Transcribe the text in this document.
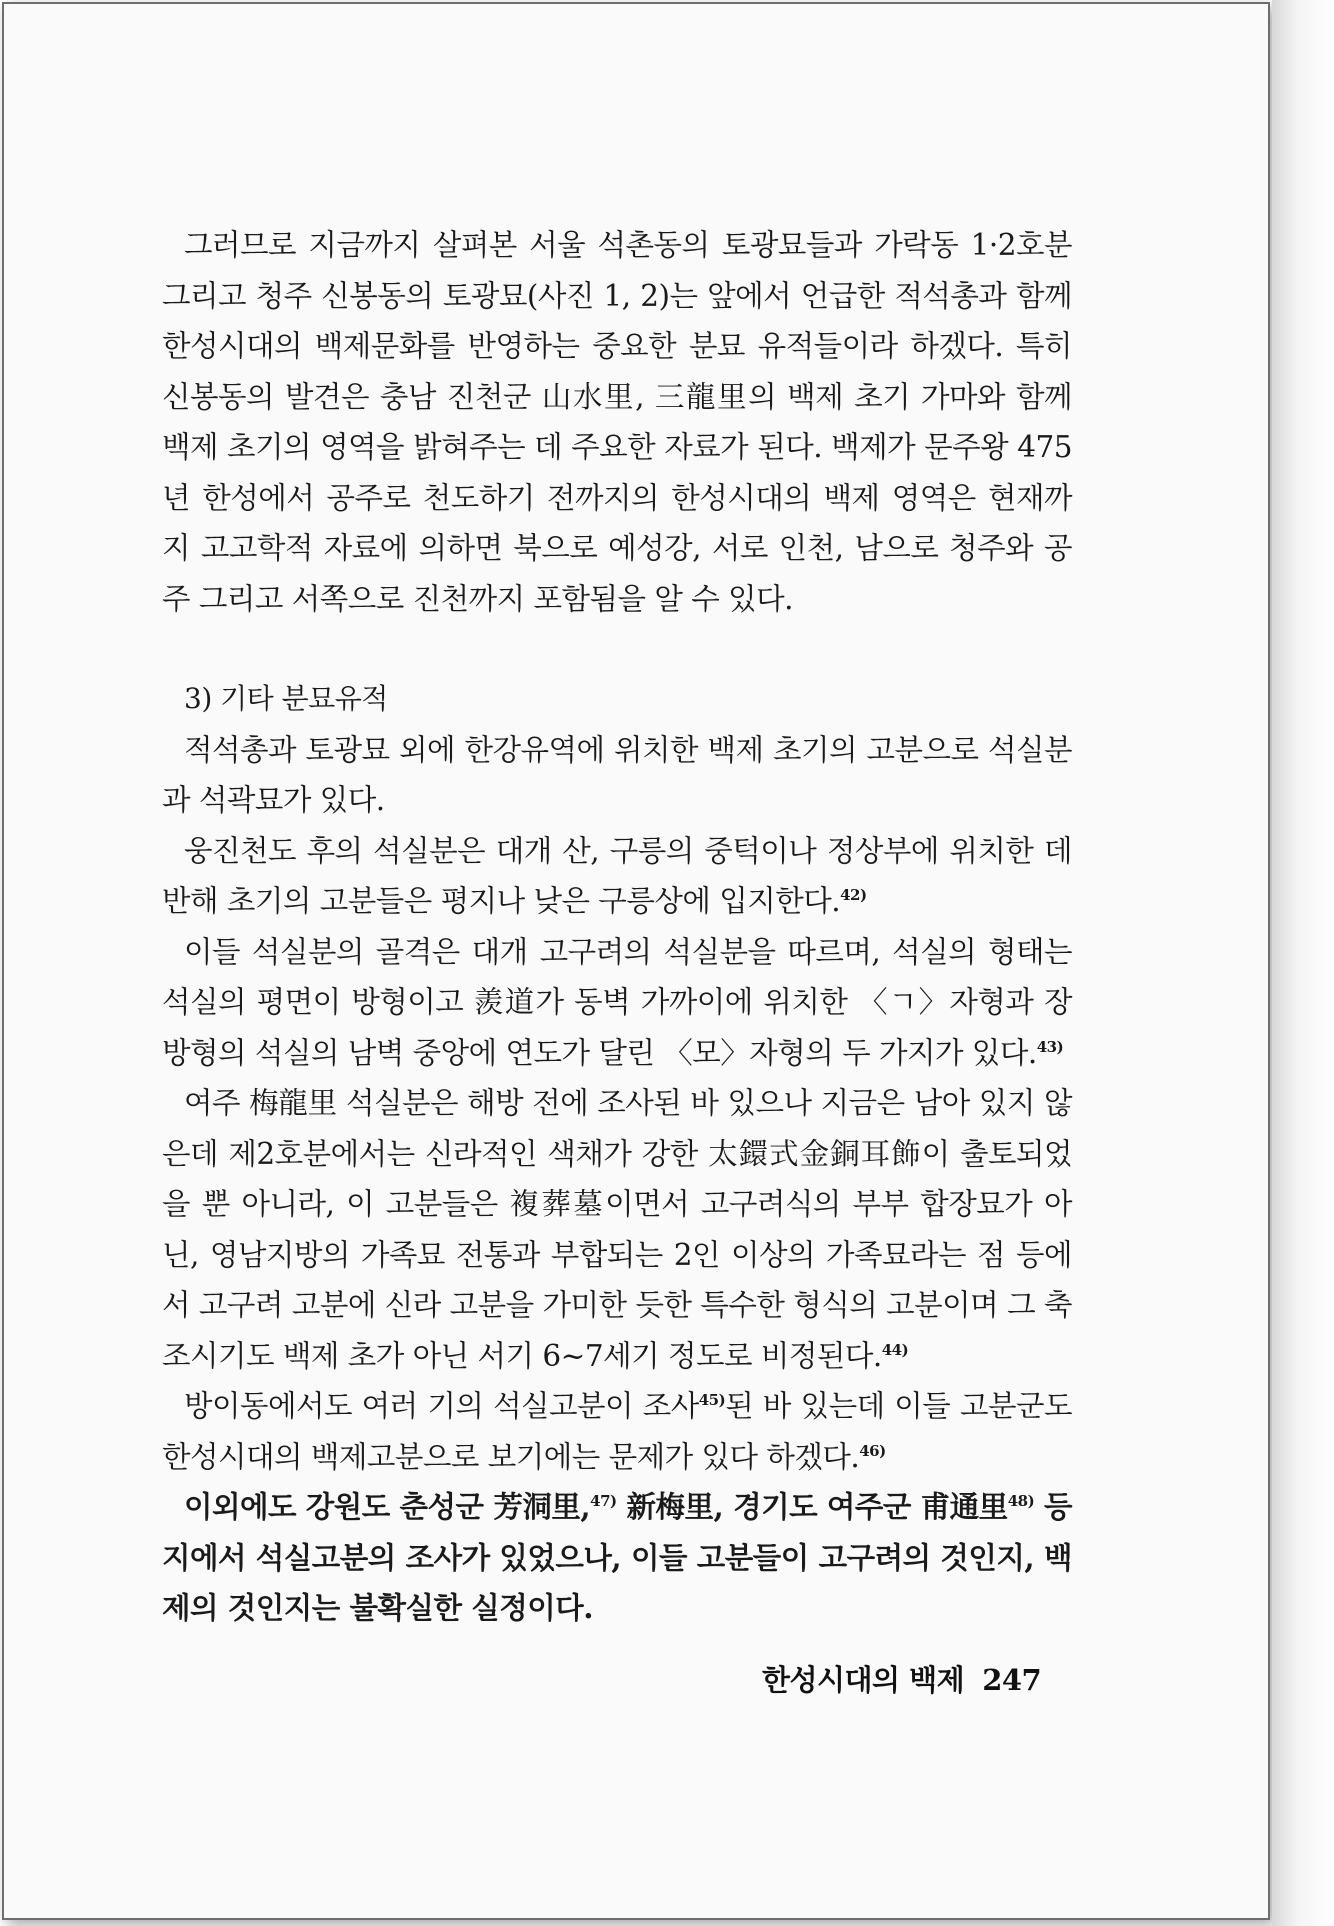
그러므로 지금까지 살펴본 서울 석촌동의 토광묘들과 가락동 1·2호분 그리고 청주 신봉동의 토광묘(사진 1, 2)는 앞에서 언급한 적석총과 함께 한성시대의 백제문화를 반영하는 중요한 분묘 유적들이라 하겠다. 특히 신봉동의 발견은 충남 진천군 山水里, 三龍里의 백제 초기 가마와 함께 백제 초기의 영역을 밝혀주는 데 주요한 자료가 된다. 백제가 문주왕 475년 한성에서 공주로 천도하기 전까지의 한성시대의 백제 영역은 현재까지 고고학적 자료에 의하면 북으로 예성강, 서로 인천, 남으로 청주와 공주 그리고 서쪽으로 진천까지 포함됨을 알 수 있다.

3) 기타 분묘유적

적석총과 토광묘 외에 한강유역에 위치한 백제 초기의 고분으로 석실분과 석곽묘가 있다.

웅진천도 후의 석실분은 대개 산, 구릉의 중턱이나 정상부에 위치한 데 반해 초기의 고분들은 평지나 낮은 구릉상에 입지한다.$^{42)}$

이들 석실분의 골격은 대개 고구려의 석실분을 따르며, 석실의 형태는 석실의 평면이 방형이고 羨道가 동벽 가까이에 위치한 〈ㄱ〉자형과 장방형의 석실의 남벽 중앙에 연도가 달린 〈모〉자형의 두 가지가 있다.$^{43)}$

여주 梅龍里 석실분은 해방 전에 조사된 바 있으나 지금은 남아 있지 않은데 제2호분에서는 신라적인 색채가 강한 太鐶式金銅耳飾이 출토되었을 뿐 아니라, 이 고분들은 複葬墓이면서 고구려식의 부부 합장묘가 아닌, 영남지방의 가족묘 전통과 부합되는 2인 이상의 가족묘라는 점 등에서 고구려 고분에 신라 고분을 가미한 듯한 특수한 형식의 고분이며 그 축조시기도 백제 초가 아닌 서기 6~7세기 정도로 비정된다.$^{44)}$

방이동에서도 여러 기의 석실고분이 조사$^{45)}$된 바 있는데 이들 고분군도 한성시대의 백제고분으로 보기에는 문제가 있다 하겠다.$^{46)}$

이외에도 강원도 춘성군 芳洞里,$^{47)}$ 新梅里, 경기도 여주군 甫通里$^{48)}$ 등지에서 석실고분의 조사가 있었으나, 이들 고분들이 고구려의 것인지, 백제의 것인지는 불확실한 실정이다.

한성시대의 백제 247
